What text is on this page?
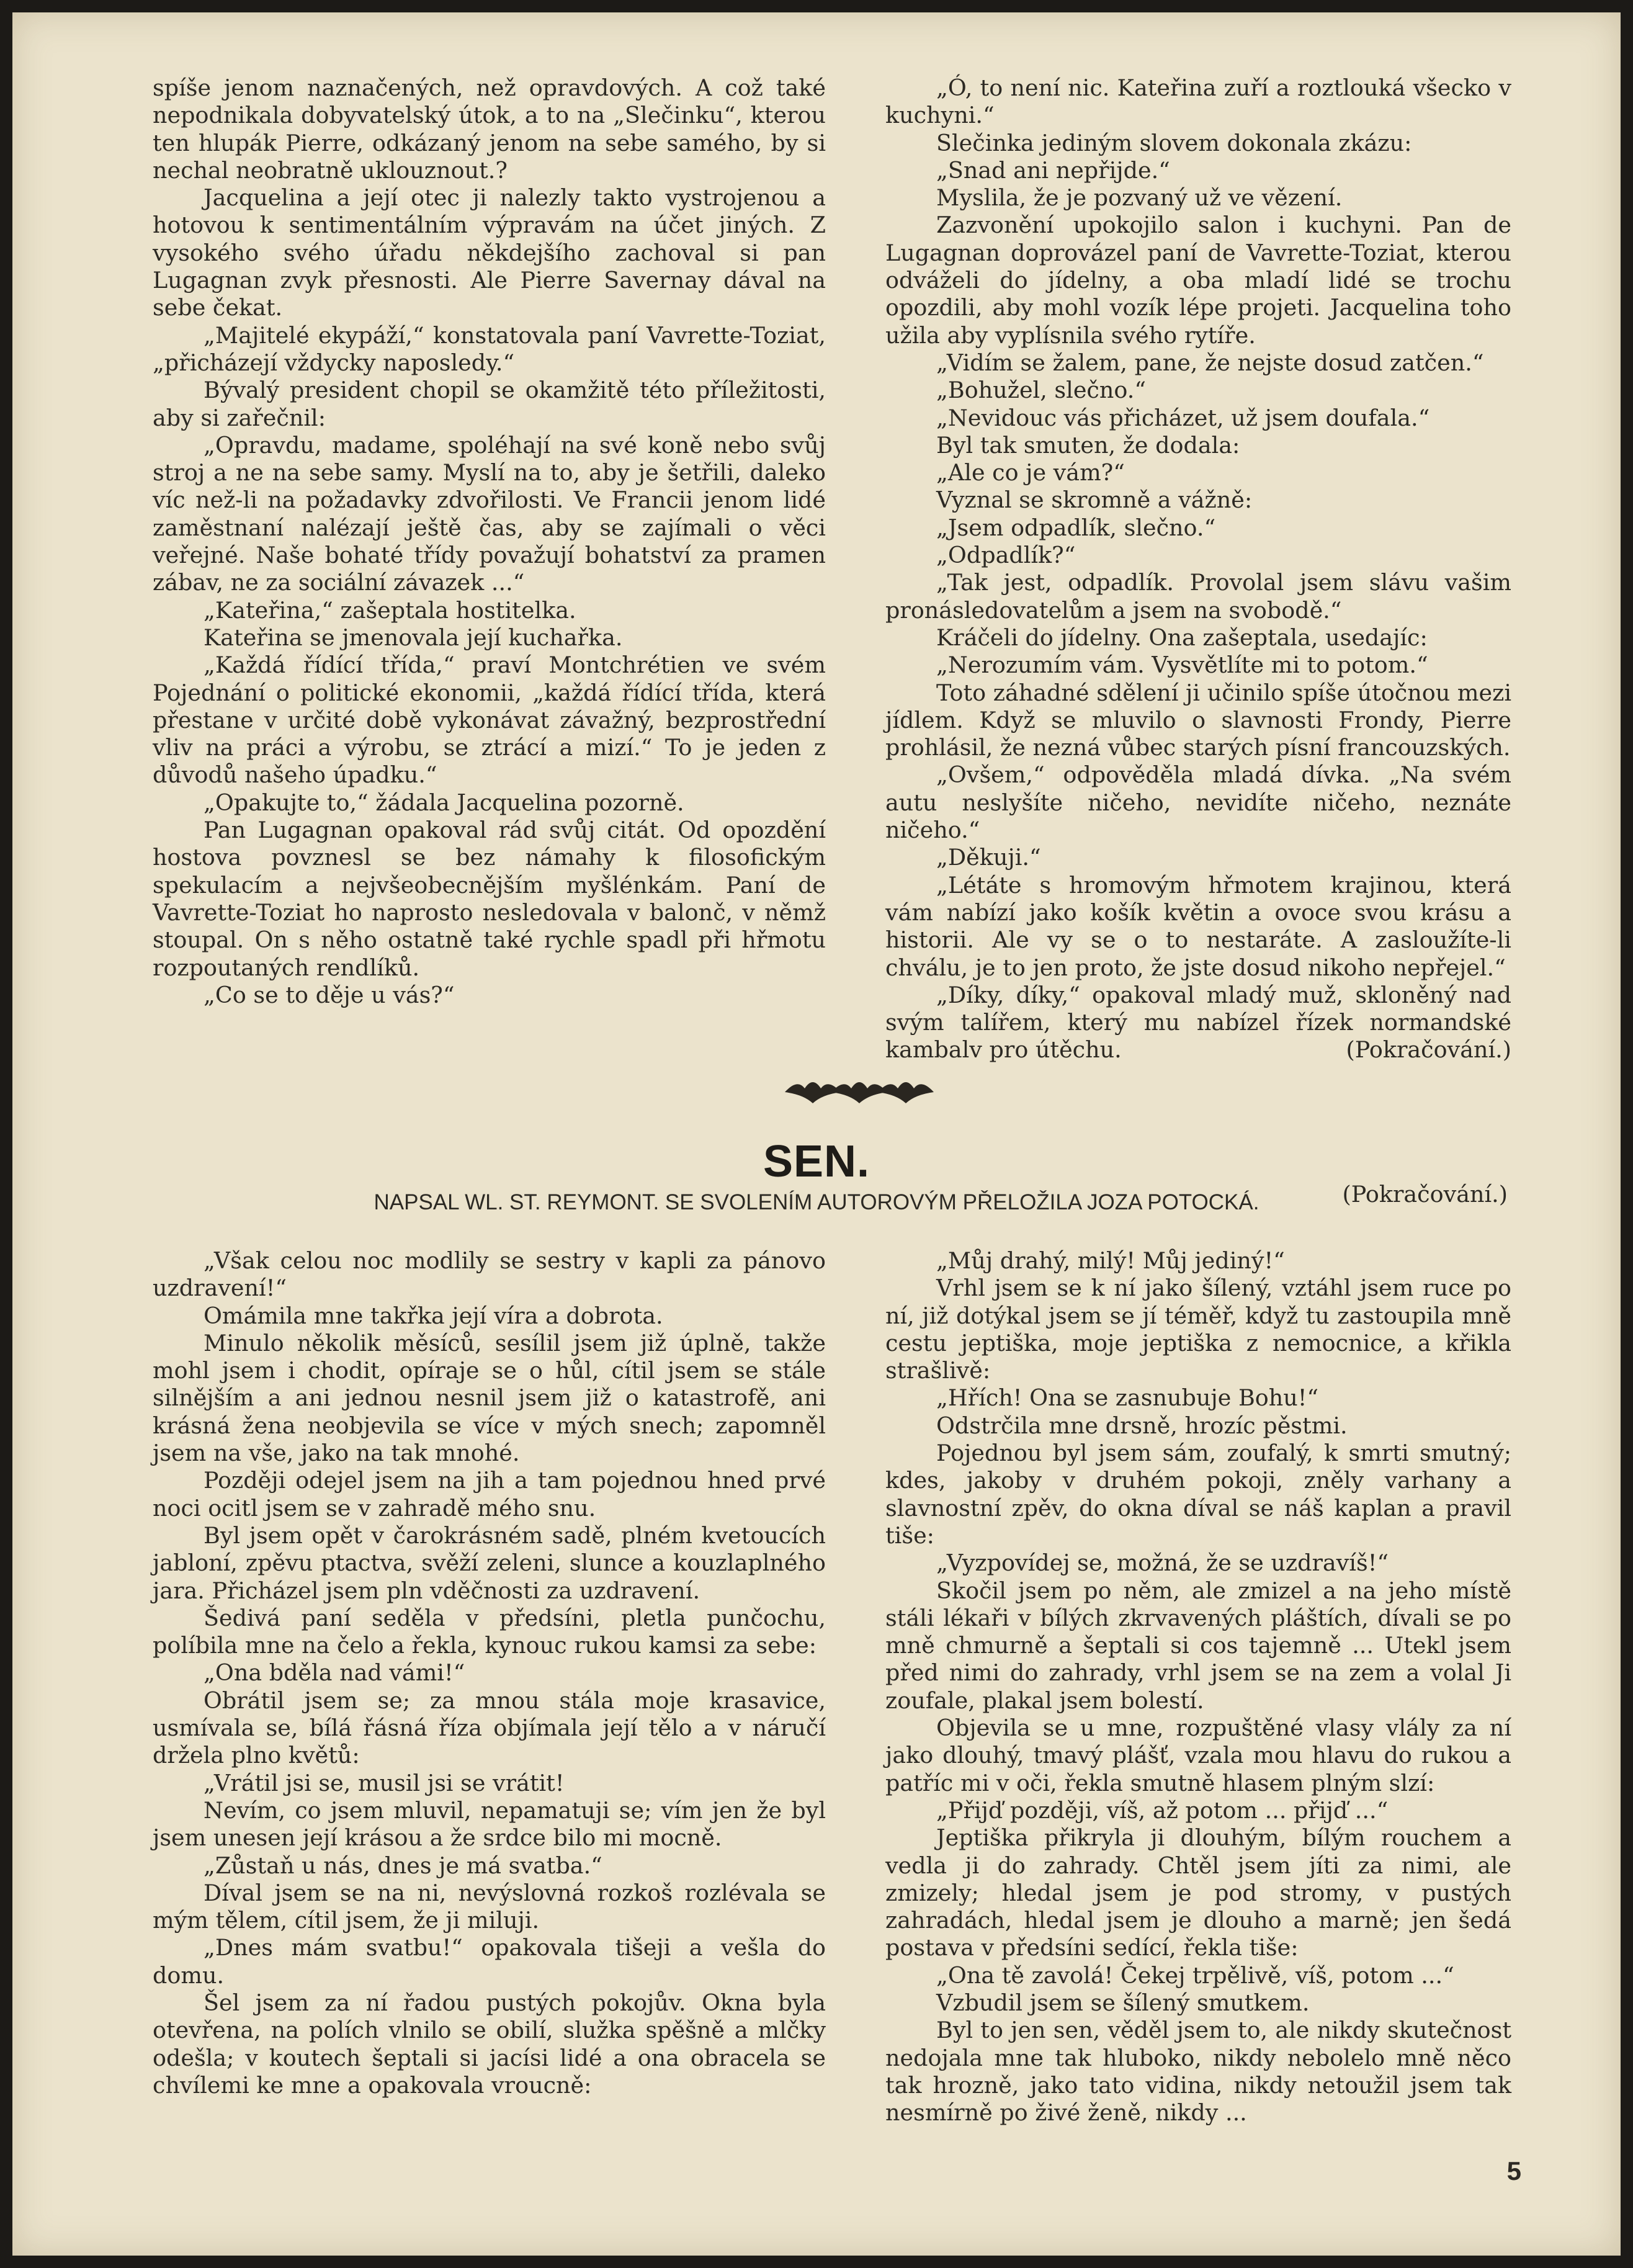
spíše jenom naznačených, než opravdových. A což také nepodnikala dobyvatelský útok, a to na „Slečinku“, kterou ten hlupák Pierre, odkázaný jenom na sebe samého, by si nechal neobratně uklouznout.?

Jacquelina a její otec ji nalezly takto vystrojenou a hotovou k sentimentálním výpravám na účet jiných. Z vysokého svého úřadu někdejšího zachoval si pan Lugagnan zvyk přesnosti. Ale Pierre Savernay dával na sebe čekat.

„Majitelé ekypáží,“ konstatovala paní Vavrette-Toziat, „přicházejí vždycky naposledy.“

Bývalý president chopil se okamžitě této příležitosti, aby si zařečnil:

„Opravdu, madame, spoléhají na své koně nebo svůj stroj a ne na sebe samy. Myslí na to, aby je šetřili, daleko víc než-li na požadavky zdvořilosti. Ve Francii jenom lidé zaměstnaní nalézají ještě čas, aby se zajímali o věci veřejné. Naše bohaté třídy považují bohatství za pramen zábav, ne za sociální závazek ...“

„Kateřina,“ zašeptala hostitelka.

Kateřina se jmenovala její kuchařka.

„Každá řídící třída,“ praví Montchrétien ve svém Pojednání o politické ekonomii, „každá řídící třída, která přestane v určité době vykonávat závažný, bezprostřední vliv na práci a výrobu, se ztrácí a mizí.“ To je jeden z důvodů našeho úpadku.“

„Opakujte to,“ žádala Jacquelina pozorně.

Pan Lugagnan opakoval rád svůj citát. Od opozdění hostova povznesl se bez námahy k filosofickým spekulacím a nejvšeobecnějším myšlénkám. Paní de Vavrette-Toziat ho naprosto nesledovala v balonč, v němž stoupal. On s něho ostatně také rychle spadl při hřmotu rozpoutaných rendlíků.

„Co se to děje u vás?“

„Ó, to není nic. Kateřina zuří a roztlouká všecko v kuchyni.“

Slečinka jediným slovem dokonala zkázu:

„Snad ani nepřijde.“

Myslila, že je pozvaný už ve vězení.

Zazvonění upokojilo salon i kuchyni. Pan de Lugagnan doprovázel paní de Vavrette-Toziat, kterou odváželi do jídelny, a oba mladí lidé se trochu opozdili, aby mohl vozík lépe projeti. Jacquelina toho užila aby vyplísnila svého rytíře.

„Vidím se žalem, pane, že nejste dosud zatčen.“

„Bohužel, slečno.“

„Nevidouc vás přicházet, už jsem doufala.“

Byl tak smuten, že dodala:

„Ale co je vám?“

Vyznal se skromně a vážně:

„Jsem odpadlík, slečno.“

„Odpadlík?“

„Tak jest, odpadlík. Provolal jsem slávu vašim pronásledovatelům a jsem na svobodě.“

Kráčeli do jídelny. Ona zašeptala, usedajíc:

„Nerozumím vám. Vysvětlíte mi to potom.“

Toto záhadné sdělení ji učinilo spíše útočnou mezi jídlem. Když se mluvilo o slavnosti Frondy, Pierre prohlásil, že nezná vůbec starých písní francouzských.

„Ovšem,“ odpověděla mladá dívka. „Na svém autu neslyšíte ničeho, nevidíte ničeho, neznáte ničeho.“

„Děkuji.“

„Létáte s hromovým hřmotem krajinou, která vám nabízí jako košík květin a ovoce svou krásu a historii. Ale vy se o to nestaráte. A zasloužíte-li chválu, je to jen proto, že jste dosud nikoho nepřejel.“

„Díky, díky,“ opakoval mladý muž, skloněný nad svým talířem, který mu nabízel řízek normandské kambalv pro útěchu.	(Pokračování.)

SEN.
NAPSAL WL. ST. REYMONT. SE SVOLENÍM AUTOROVÝM PŘELOŽILA JOZA POTOCKÁ.	(Pokračování.)

„Však celou noc modlily se sestry v kapli za pánovo uzdravení!“

Omámila mne takřka její víra a dobrota.

Minulo několik měsíců, sesílil jsem již úplně, takže mohl jsem i chodit, opíraje se o hůl, cítil jsem se stále silnějším a ani jednou nesnil jsem již o katastrofě, ani krásná žena neobjevila se více v mých snech; zapomněl jsem na vše, jako na tak mnohé.

Později odejel jsem na jih a tam pojednou hned prvé noci ocitl jsem se v zahradě mého snu.

Byl jsem opět v čarokrásném sadě, plném kvetoucích jabloní, zpěvu ptactva, svěží zeleni, slunce a kouzlaplného jara. Přicházel jsem pln vděčnosti za uzdravení.

Šedivá paní seděla v předsíni, pletla punčochu, políbila mne na čelo a řekla, kynouc rukou kamsi za sebe:

„Ona bděla nad vámi!“

Obrátil jsem se; za mnou stála moje krasavice, usmívala se, bílá řásná říza objímala její tělo a v náručí držela plno květů:

„Vrátil jsi se, musil jsi se vrátit!

Nevím, co jsem mluvil, nepamatuji se; vím jen že byl jsem unesen její krásou a že srdce bilo mi mocně.

„Zůstaň u nás, dnes je má svatba.“

Díval jsem se na ni, nevýslovná rozkoš rozlévala se mým tělem, cítil jsem, že ji miluji.

„Dnes mám svatbu!“ opakovala tišeji a vešla do domu.

Šel jsem za ní řadou pustých pokojův. Okna byla otevřena, na polích vlnilo se obilí, služka spěšně a mlčky odešla; v koutech šeptali si jacísi lidé a ona obracela se chvílemi ke mne a opakovala vroucně:

„Můj drahý, milý! Můj jediný!“

Vrhl jsem se k ní jako šílený, vztáhl jsem ruce po ní, již dotýkal jsem se jí téměř, když tu zastoupila mně cestu jeptiška, moje jeptiška z nemocnice, a křikla strašlivě:

„Hřích! Ona se zasnubuje Bohu!“

Odstrčila mne drsně, hrozíc pěstmi.

Pojednou byl jsem sám, zoufalý, k smrti smutný; kdes, jakoby v druhém pokoji, zněly varhany a slavnostní zpěv, do okna díval se náš kaplan a pravil tiše:

„Vyzpovídej se, možná, že se uzdravíš!“

Skočil jsem po něm, ale zmizel a na jeho místě stáli lékaři v bílých zkrvavených pláštích, dívali se po mně chmurně a šeptali si cos tajemně ... Utekl jsem před nimi do zahrady, vrhl jsem se na zem a volal Ji zoufale, plakal jsem bolestí.

Objevila se u mne, rozpuštěné vlasy vlály za ní jako dlouhý, tmavý plášť, vzala mou hlavu do rukou a patříc mi v oči, řekla smutně hlasem plným slzí:

„Přijď později, víš, až potom ... přijď ...“

Jeptiška přikryla ji dlouhým, bílým rouchem a vedla ji do zahrady. Chtěl jsem jíti za nimi, ale zmizely; hledal jsem je pod stromy, v pustých zahradách, hledal jsem je dlouho a marně; jen šedá postava v předsíni sedící, řekla tiše:

„Ona tě zavolá! Čekej trpělivě, víš, potom ...“

Vzbudil jsem se šílený smutkem.

Byl to jen sen, věděl jsem to, ale nikdy skutečnost nedojala mne tak hluboko, nikdy nebolelo mně něco tak hrozně, jako tato vidina, nikdy netoužil jsem tak nesmírně po živé ženě, nikdy ...

5
